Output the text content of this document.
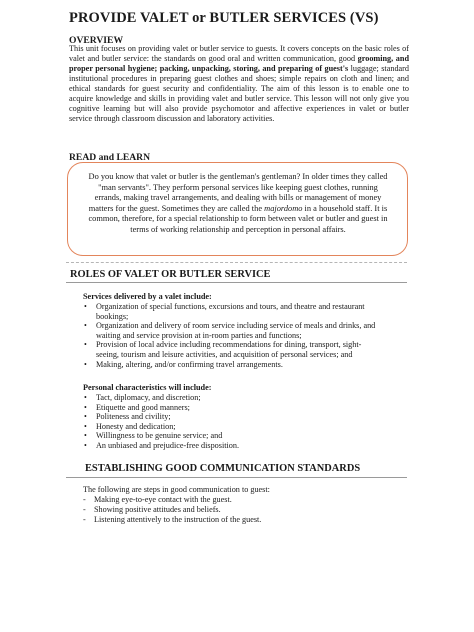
PROVIDE VALET or BUTLER SERVICES (VS)
OVERVIEW
This unit focuses on providing valet or butler service to guests. It covers concepts on the basic roles of valet and butler service: the standards on good oral and written communication, good grooming, and proper personal hygiene; packing, unpacking, storing, and preparing of guest's luggage; standard institutional procedures in preparing guest clothes and shoes; simple repairs on cloth and linen; and ethical standards for guest security and confidentiality. The aim of this lesson is to enable one to acquire knowledge and skills in providing valet and butler service. This lesson will not only give you cognitive learning but will also provide psychomotor and affective experiences in valet or butler service through classroom discussion and laboratory activities.
READ and LEARN
Do you know that valet or butler is the gentleman's gentleman? In older times they called "man servants". They perform personal services like keeping guest clothes, running errands, making travel arrangements, and dealing with bills or management of money matters for the guest. Sometimes they are called the majordomo in a household staff. It is common, therefore, for a special relationship to form between valet or butler and guest in terms of working relationship and perception in personal affairs.
ROLES OF VALET OR BUTLER SERVICE
Services delivered by a valet include:
• Organization of special functions, excursions and tours, and theatre and restaurant bookings;
• Organization and delivery of room service including service of meals and drinks, and waiting and service provision at in-room parties and functions;
• Provision of local advice including recommendations for dining, transport, sight-seeing, tourism and leisure activities, and acquisition of personal services; and
• Making, altering, and/or confirming travel arrangements.
Personal characteristics will include:
• Tact, diplomacy, and discretion;
• Etiquette and good manners;
• Politeness and civility;
• Honesty and dedication;
• Willingness to be genuine service; and
• An unbiased and prejudice-free disposition.
ESTABLISHING GOOD COMMUNICATION STANDARDS
The following are steps in good communication to guest:
- Making eye-to-eye contact with the guest.
- Showing positive attitudes and beliefs.
- Listening attentively to the instruction of the guest.
